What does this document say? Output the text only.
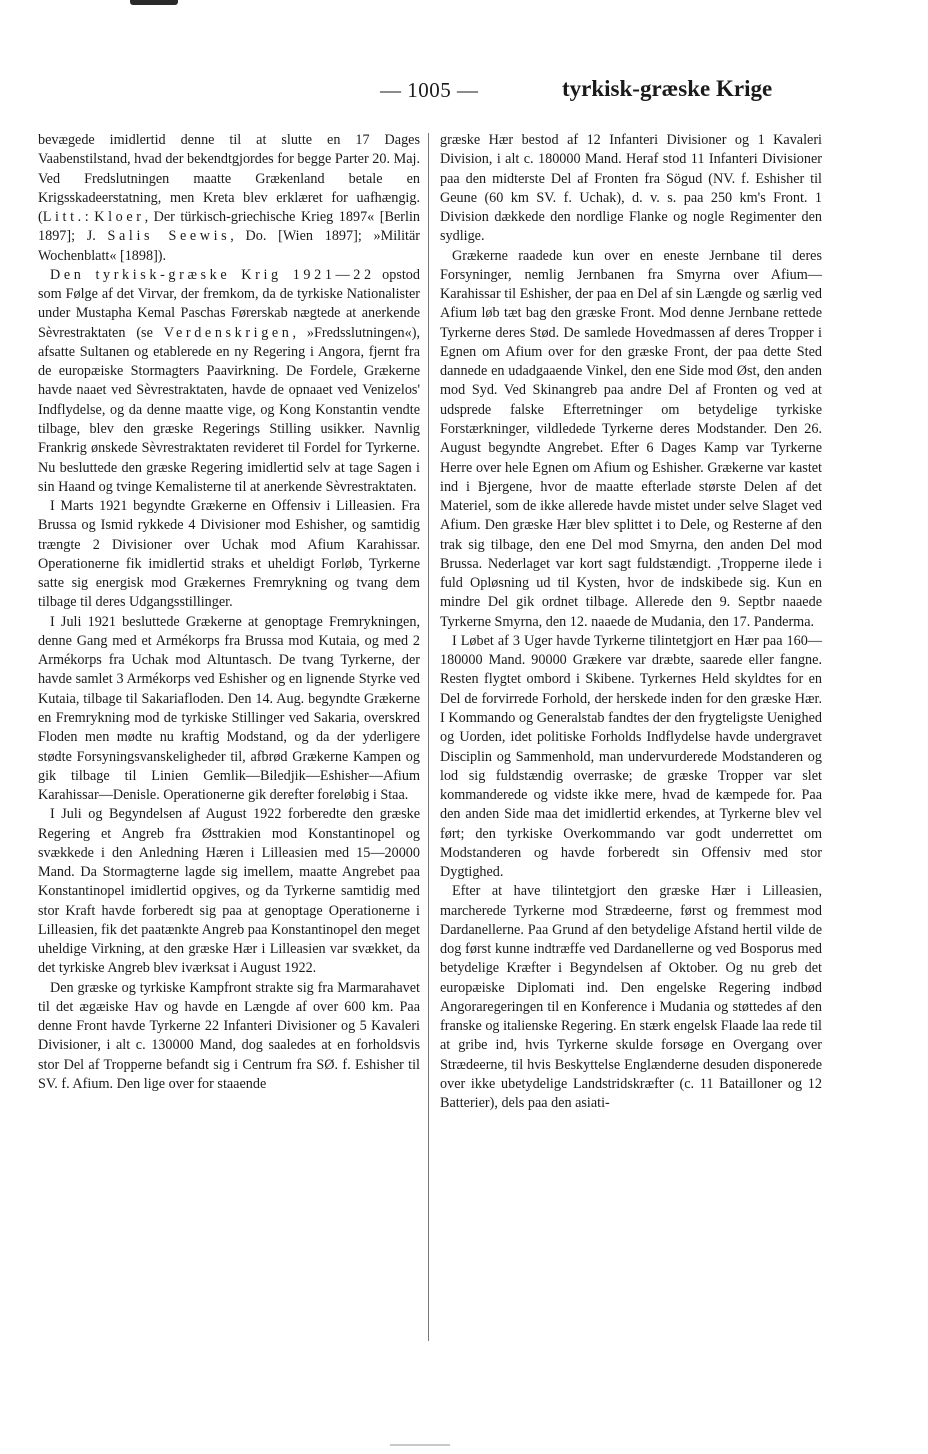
— 1005 —	tyrkisk-græske Krige

bevægede imidlertid denne til at slutte en 17 Dages Vaabenstilstand, hvad der bekendtgjordes for begge Parter 20. Maj. Ved Fredslutningen maatte Grækenland betale en Krigsskadeerstatning, men Kreta blev erklæret for uafhængig. (Litt.: Kloer, Der türkisch-griechische Krieg 1897« [Berlin 1897]; J. Salis Seewis, Do. [Wien 1897]; »Militär Wochenblatt« [1898]).

Den tyrkisk-græske Krig 1921—22 opstod som Følge af det Virvar, der fremkom, da de tyrkiske Nationalister under Mustapha Kemal Paschas Førerskab nægtede at anerkende Sèvrestraktaten (se Verdenskrigen, »Fredsslutningen«), afsatte Sultanen og etablerede en ny Regering i Angora, fjernt fra de europæiske Stormagters Paavirkning. De Fordele, Grækerne havde naaet ved Sèvrestraktaten, havde de opnaaet ved Venizelos' Indflydelse, og da denne maatte vige, og Kong Konstantin vendte tilbage, blev den græske Regerings Stilling usikker. Navnlig Frankrig ønskede Sèvrestraktaten revideret til Fordel for Tyrkerne. Nu besluttede den græske Regering imidlertid selv at tage Sagen i sin Haand og tvinge Kemalisterne til at anerkende Sèvrestraktaten.

I Marts 1921 begyndte Grækerne en Offensiv i Lilleasien. Fra Brussa og Ismid rykkede 4 Divisioner mod Eshisher, og samtidig trængte 2 Divisioner over Uchak mod Afium Karahissar. Operationerne fik imidlertid straks et uheldigt Forløb, Tyrkerne satte sig energisk mod Grækernes Fremrykning og tvang dem tilbage til deres Udgangsstillinger.

I Juli 1921 besluttede Grækerne at genoptage Fremrykningen, denne Gang med et Armékorps fra Brussa mod Kutaia, og med 2 Armékorps fra Uchak mod Altuntasch. De tvang Tyrkerne, der havde samlet 3 Armékorps ved Eshisher og en lignende Styrke ved Kutaia, tilbage til Sakariafloden. Den 14. Aug. begyndte Grækerne en Fremrykning mod de tyrkiske Stillinger ved Sakaria, overskred Floden men mødte nu kraftig Modstand, og da der yderligere stødte Forsyningsvanskeligheder til, afbrød Grækerne Kampen og gik tilbage til Linien Gemlik—Biledjik—Eshisher—Afium Karahissar—Denisle. Operationerne gik derefter foreløbig i Staa.

I Juli og Begyndelsen af August 1922 forberedte den græske Regering et Angreb fra Østtrakien mod Konstantinopel og svækkede i den Anledning Hæren i Lilleasien med 15—20000 Mand. Da Stormagterne lagde sig imellem, maatte Angrebet paa Konstantinopel imidlertid opgives, og da Tyrkerne samtidig med stor Kraft havde forberedt sig paa at genoptage Operationerne i Lilleasien, fik det paatænkte Angreb paa Konstantinopel den meget uheldige Virkning, at den græske Hær i Lilleasien var svækket, da det tyrkiske Angreb blev iværksat i August 1922.

Den græske og tyrkiske Kampfront strakte sig fra Marmarahavet til det ægæiske Hav og havde en Længde af over 600 km. Paa denne Front havde Tyrkerne 22 Infanteri Divisioner og 5 Kavaleri Divisioner, i alt c. 130000 Mand, dog saaledes at en forholdsvis stor Del af Tropperne befandt sig i Centrum fra SØ. f. Eshisher til SV. f. Afium. Den lige over for staaende

græske Hær bestod af 12 Infanteri Divisioner og 1 Kavaleri Division, i alt c. 180000 Mand. Heraf stod 11 Infanteri Divisioner paa den midterste Del af Fronten fra Sögud (NV. f. Eshisher til Geune (60 km SV. f. Uchak), d. v. s. paa 250 km's Front. 1 Division dækkede den nordlige Flanke og nogle Regimenter den sydlige.

Grækerne raadede kun over en eneste Jernbane til deres Forsyninger, nemlig Jernbanen fra Smyrna over Afium—Karahissar til Eshisher, der paa en Del af sin Længde og særlig ved Afium løb tæt bag den græske Front. Mod denne Jernbane rettede Tyrkerne deres Stød. De samlede Hovedmassen af deres Tropper i Egnen om Afium over for den græske Front, der paa dette Sted dannede en udadgaaende Vinkel, den ene Side mod Øst, den anden mod Syd. Ved Skinangreb paa andre Del af Fronten og ved at udsprede falske Efterretninger om betydelige tyrkiske Forstærkninger, vildledede Tyrkerne deres Modstander. Den 26. August begyndte Angrebet. Efter 6 Dages Kamp var Tyrkerne Herre over hele Egnen om Afium og Eshisher. Grækerne var kastet ind i Bjergene, hvor de maatte efterlade største Delen af det Materiel, som de ikke allerede havde mistet under selve Slaget ved Afium. Den græske Hær blev splittet i to Dele, og Resterne af den trak sig tilbage, den ene Del mod Smyrna, den anden Del mod Brussa. Nederlaget var kort sagt fuldstændigt. ,Tropperne ilede i fuld Opløsning ud til Kysten, hvor de indskibede sig. Kun en mindre Del gik ordnet tilbage. Allerede den 9. Septbr naaede Tyrkerne Smyrna, den 12. naaede de Mudania, den 17. Panderma.

I Løbet af 3 Uger havde Tyrkerne tilintetgjort en Hær paa 160—180000 Mand. 90000 Grækere var dræbte, saarede eller fangne. Resten flygtet ombord i Skibene. Tyrkernes Held skyldtes for en Del de forvirrede Forhold, der herskede inden for den græske Hær. I Kommando og Generalstab fandtes der den frygteligste Uenighed og Uorden, idet politiske Forholds Indflydelse havde undergravet Disciplin og Sammenhold, man undervurderede Modstanderen og lod sig fuldstændig overraske; de græske Tropper var slet kommanderede og vidste ikke mere, hvad de kæmpede for. Paa den anden Side maa det imidlertid erkendes, at Tyrkerne blev vel ført; den tyrkiske Overkommando var godt underrettet om Modstanderen og havde forberedt sin Offensiv med stor Dygtighed.

Efter at have tilintetgjort den græske Hær i Lilleasien, marcherede Tyrkerne mod Strædeerne, først og fremmest mod Dardanellerne. Paa Grund af den betydelige Afstand hertil vilde de dog først kunne indtræffe ved Dardanellerne og ved Bosporus med betydelige Kræfter i Begyndelsen af Oktober. Og nu greb det europæiske Diplomati ind. Den engelske Regering indbød Angoraregeringen til en Konference i Mudania og støttedes af den franske og italienske Regering. En stærk engelsk Flaade laa rede til at gribe ind, hvis Tyrkerne skulde forsøge en Overgang over Strædeerne, til hvis Beskyttelse Englænderne desuden disponerede over ikke ubetydelige Landstridskræfter (c. 11 Batailloner og 12 Batterier), dels paa den asiati-
